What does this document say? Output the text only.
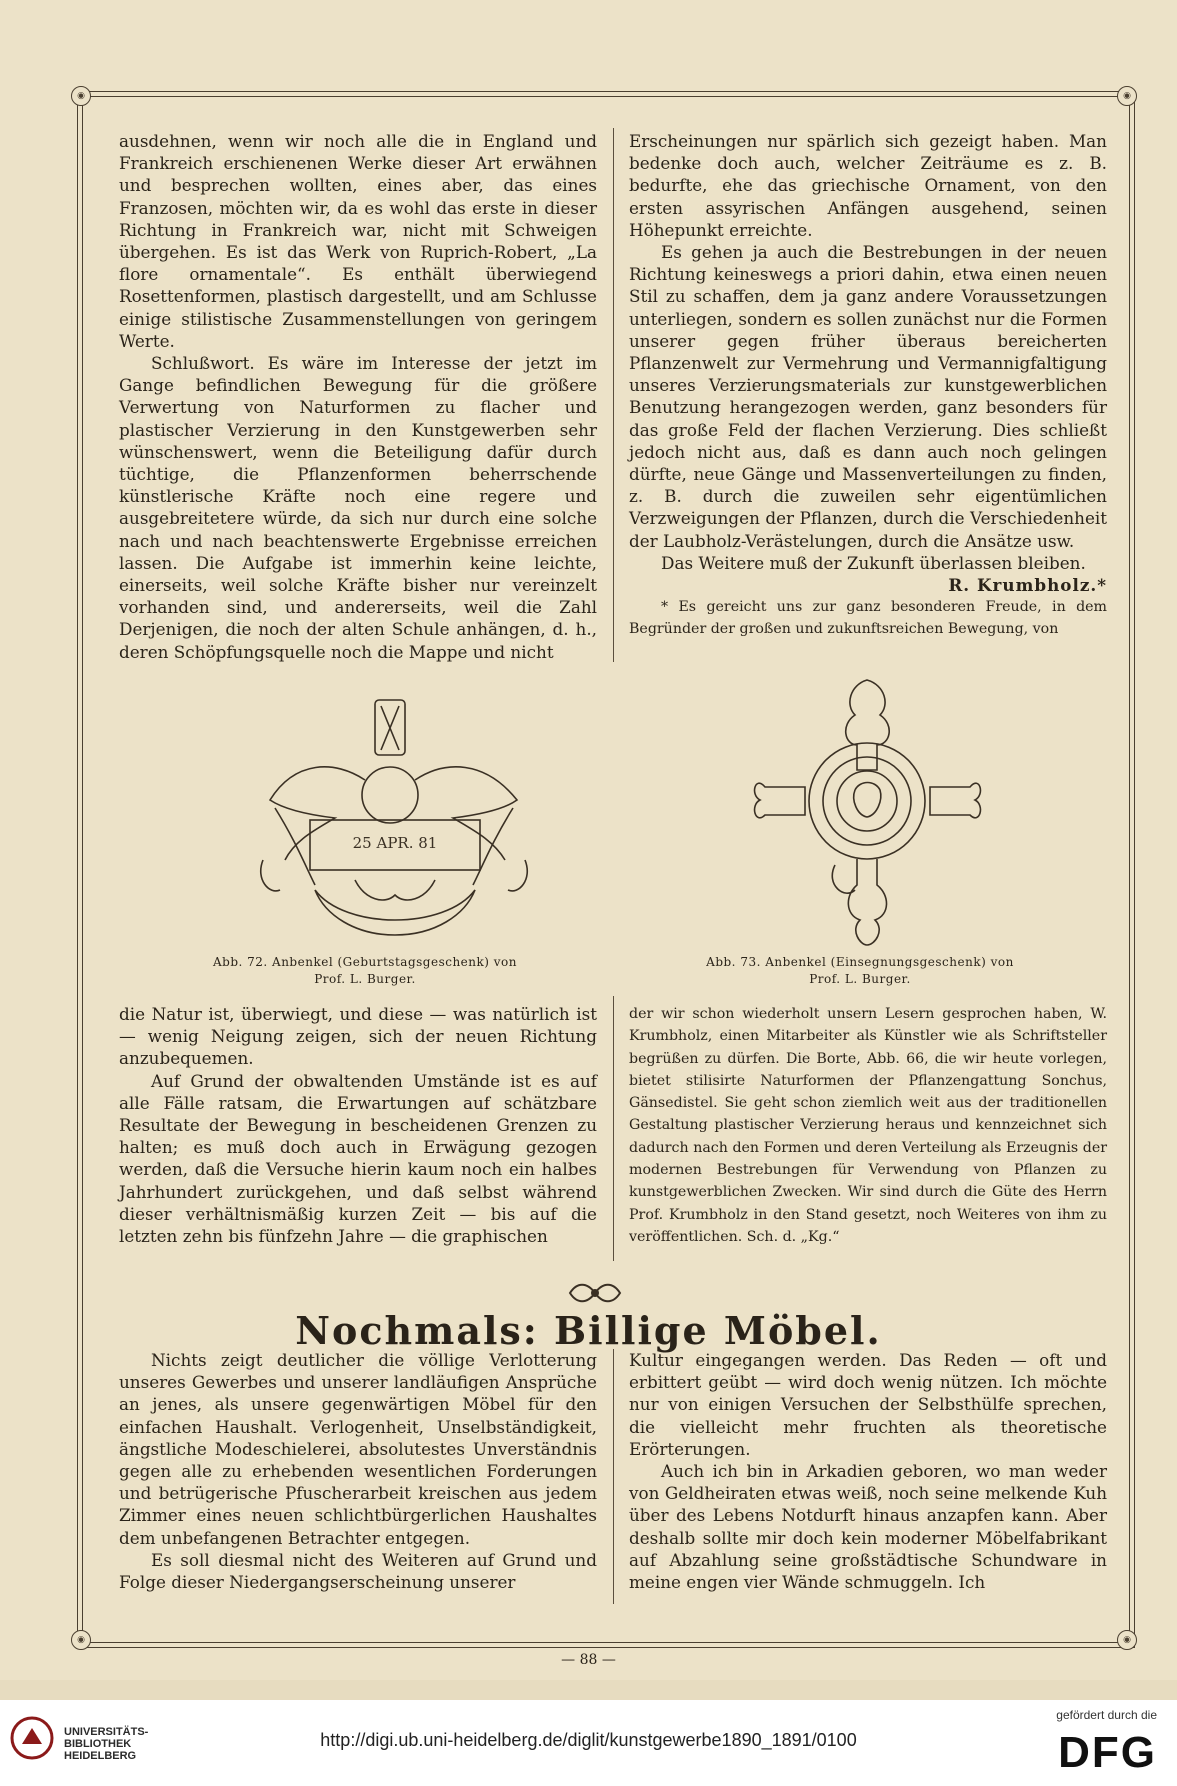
◉	◉
◉	◉

ausdehnen, wenn wir noch alle die in England und Frankreich erschienenen Werke dieser Art erwähnen und besprechen wollten, eines aber, das eines Franzosen, möchten wir, da es wohl das erste in dieser Richtung in Frankreich war, nicht mit Schweigen übergehen. Es ist das Werk von Ruprich-Robert, „La flore ornamentale“. Es enthält überwiegend Rosettenformen, plastisch dargestellt, und am Schlusse einige stilistische Zusammenstellungen von geringem Werte.

Schlußwort. Es wäre im Interesse der jetzt im Gange befindlichen Bewegung für die größere Verwertung von Naturformen zu flacher und plastischer Verzierung in den Kunstgewerben sehr wünschenswert, wenn die Beteiligung dafür durch tüchtige, die Pflanzenformen beherrschende künstlerische Kräfte noch eine regere und ausgebreitetere würde, da sich nur durch eine solche nach und nach beachtenswerte Ergebnisse erreichen lassen. Die Aufgabe ist immerhin keine leichte, einerseits, weil solche Kräfte bisher nur vereinzelt vorhanden sind, und andererseits, weil die Zahl Derjenigen, die noch der alten Schule anhängen, d. h., deren Schöpfungsquelle noch die Mappe und nicht

Erscheinungen nur spärlich sich gezeigt haben. Man bedenke doch auch, welcher Zeiträume es z. B. bedurfte, ehe das griechische Ornament, von den ersten assyrischen Anfängen ausgehend, seinen Höhepunkt erreichte.

Es gehen ja auch die Bestrebungen in der neuen Richtung keineswegs a priori dahin, etwa einen neuen Stil zu schaffen, dem ja ganz andere Voraussetzungen unterliegen, sondern es sollen zunächst nur die Formen unserer gegen früher überaus bereicherten Pflanzenwelt zur Vermehrung und Vermannigfaltigung unseres Verzierungsmaterials zur kunstgewerblichen Benutzung herangezogen werden, ganz besonders für das große Feld der flachen Verzierung. Dies schließt jedoch nicht aus, daß es dann auch noch gelingen dürfte, neue Gänge und Massenverteilungen zu finden, z. B. durch die zuweilen sehr eigentümlichen Verzweigungen der Pflanzen, durch die Verschiedenheit der Laubholz-Verästelungen, durch die Ansätze usw.

Das Weitere muß der Zukunft überlassen bleiben.

R. Krumbholz.*

* Es gereicht uns zur ganz besonderen Freude, in dem Begründer der großen und zukunftsreichen Bewegung, von

25 APR. 81
Abb. 72. Anbenkel (Geburtstagsgeschenk) von
Prof. L. Burger.
Abb. 73. Anbenkel (Einsegnungsgeschenk) von
Prof. L. Burger.

die Natur ist, überwiegt, und diese — was natürlich ist — wenig Neigung zeigen, sich der neuen Richtung anzubequemen.

Auf Grund der obwaltenden Umstände ist es auf alle Fälle ratsam, die Erwartungen auf schätzbare Resultate der Bewegung in bescheidenen Grenzen zu halten; es muß doch auch in Erwägung gezogen werden, daß die Versuche hierin kaum noch ein halbes Jahrhundert zurückgehen, und daß selbst während dieser verhältnismäßig kurzen Zeit — bis auf die letzten zehn bis fünfzehn Jahre — die graphischen

der wir schon wiederholt unsern Lesern gesprochen haben, W. Krumbholz, einen Mitarbeiter als Künstler wie als Schriftsteller begrüßen zu dürfen. Die Borte, Abb. 66, die wir heute vorlegen, bietet stilisirte Naturformen der Pflanzengattung Sonchus, Gänsedistel. Sie geht schon ziemlich weit aus der traditionellen Gestaltung plastischer Verzierung heraus und kennzeichnet sich dadurch nach den Formen und deren Verteilung als Erzeugnis der modernen Bestrebungen für Verwendung von Pflanzen zu kunstgewerblichen Zwecken. Wir sind durch die Güte des Herrn Prof. Krumbholz in den Stand gesetzt, noch Weiteres von ihm zu veröffentlichen. Sch. d. „Kg.“

Nochmals: Billige Möbel.

Nichts zeigt deutlicher die völlige Verlotterung unseres Gewerbes und unserer landläufigen Ansprüche an jenes, als unsere gegenwärtigen Möbel für den einfachen Haushalt. Verlogenheit, Unselbständigkeit, ängstliche Modeschielerei, absolutestes Unverständnis gegen alle zu erhebenden wesentlichen Forderungen und betrügerische Pfuscherarbeit kreischen aus jedem Zimmer eines neuen schlichtbürgerlichen Haushaltes dem unbefangenen Betrachter entgegen.

Es soll diesmal nicht des Weiteren auf Grund und Folge dieser Niedergangserscheinung unserer

Kultur eingegangen werden. Das Reden — oft und erbittert geübt — wird doch wenig nützen. Ich möchte nur von einigen Versuchen der Selbsthülfe sprechen, die vielleicht mehr fruchten als theoretische Erörterungen.

Auch ich bin in Arkadien geboren, wo man weder von Geldheiraten etwas weiß, noch seine melkende Kuh über des Lebens Notdurft hinaus anzapfen kann. Aber deshalb sollte mir doch kein moderner Möbelfabrikant auf Abzahlung seine großstädtische Schundware in meine engen vier Wände schmuggeln. Ich

— 88 —
UNIVERSITÄTS-
BIBLIOTHEK
HEIDELBERG
http://digi.ub.uni-heidelberg.de/diglit/kunstgewerbe1890_1891/0100
gefördert durch die
DFG
